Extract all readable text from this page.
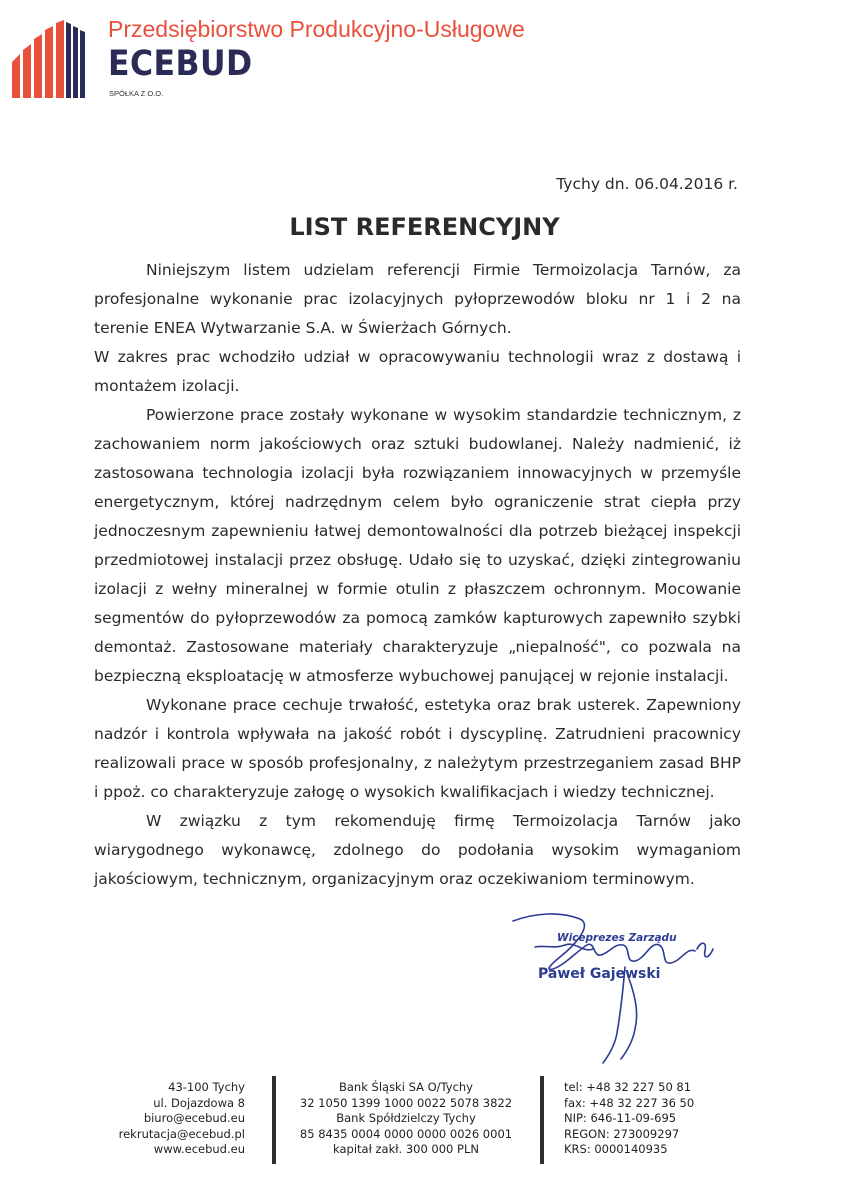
Przedsiębiorstwo Produkcyjno-Usługowe

ECEBUD

SPÓŁKA Z O.O.

Tychy dn. 06.04.2016 r.

LIST REFERENCYJNY

Niniejszym listem udzielam referencji Firmie Termoizolacja Tarnów, za profesjonalne wykonanie prac izolacyjnych pyłoprzewodów bloku nr 1 i 2 na terenie ENEA Wytwarzanie S.A. w Świerżach Górnych.

W zakres prac wchodziło udział w opracowywaniu technologii wraz z dostawą i montażem izolacji.

Powierzone prace zostały wykonane w wysokim standardzie technicznym, z zachowaniem norm jakościowych oraz sztuki budowlanej. Należy nadmienić, iż zastosowana technologia izolacji była rozwiązaniem innowacyjnych w przemyśle energetycznym, której nadrzędnym celem było ograniczenie strat ciepła przy jednoczesnym zapewnieniu łatwej demontowalności dla potrzeb bieżącej inspekcji przedmiotowej instalacji przez obsługę. Udało się to uzyskać, dzięki zintegrowaniu izolacji z wełny mineralnej w formie otulin z płaszczem ochronnym. Mocowanie segmentów do pyłoprzewodów za pomocą zamków kapturowych zapewniło szybki demontaż. Zastosowane materiały charakteryzuje „niepalność", co pozwala na bezpieczną eksploatację w atmosferze wybuchowej panującej w rejonie instalacji.

Wykonane prace cechuje trwałość, estetyka oraz brak usterek. Zapewniony nadzór i kontrola wpływała na jakość robót i dyscyplinę. Zatrudnieni pracownicy realizowali prace w sposób profesjonalny, z należytym przestrzeganiem zasad BHP i ppoż. co charakteryzuje załogę o wysokich kwalifikacjach i wiedzy technicznej.

W związku z tym rekomenduję firmę Termoizolacja Tarnów jako wiarygodnego wykonawcę, zdolnego do podołania wysokim wymaganiom jakościowym, technicznym, organizacyjnym oraz oczekiwaniom terminowym.

Wiceprezes Zarządu

Paweł Gajewski

43-100 Tychy
ul. Dojazdowa 8
biuro@ecebud.eu
rekrutacja@ecebud.pl
www.ecebud.eu
Bank Śląski SA O/Tychy
32 1050 1399 1000 0022 5078 3822
Bank Spółdzielczy Tychy
85 8435 0004 0000 0000 0026 0001
kapitał zakł. 300 000 PLN
tel: +48 32 227 50 81
fax: +48 32 227 36 50
NIP: 646-11-09-695
REGON: 273009297
KRS: 0000140935
